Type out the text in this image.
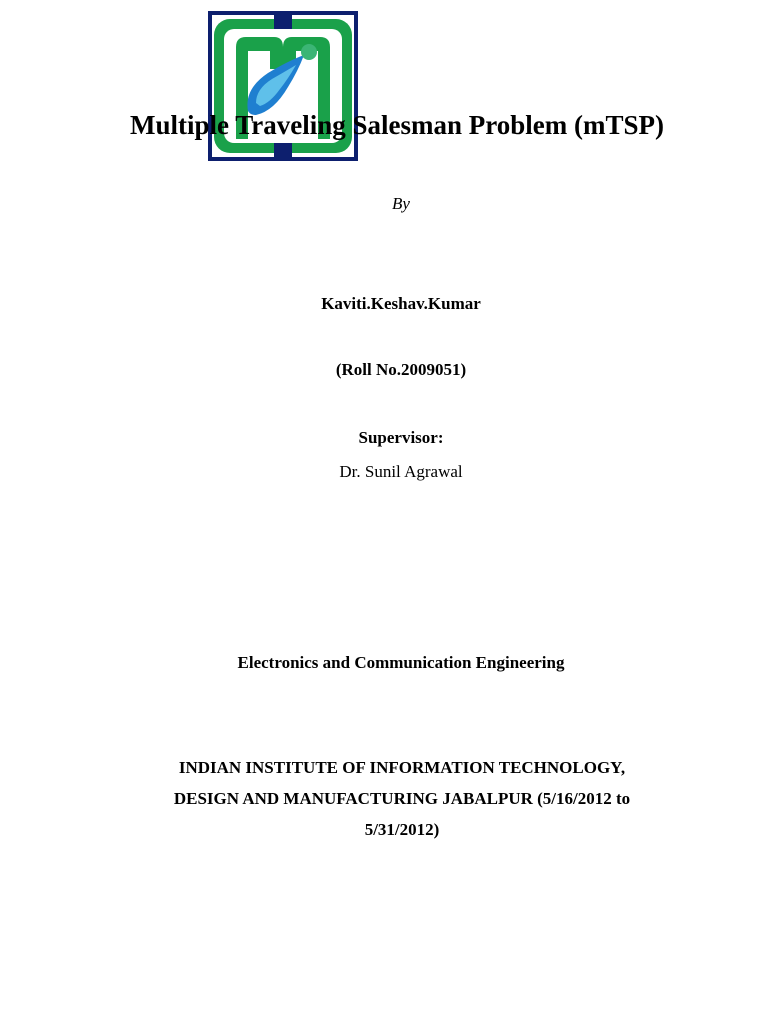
Multiple Traveling Salesman Problem (mTSP)
By
Kaviti.Keshav.Kumar
(Roll No.2009051)
Supervisor:
Dr. Sunil Agrawal
Electronics and Communication Engineering
INDIAN INSTITUTE OF INFORMATION TECHNOLOGY,
DESIGN AND MANUFACTURING JABALPUR (5/16/2012 to
5/31/2012)
